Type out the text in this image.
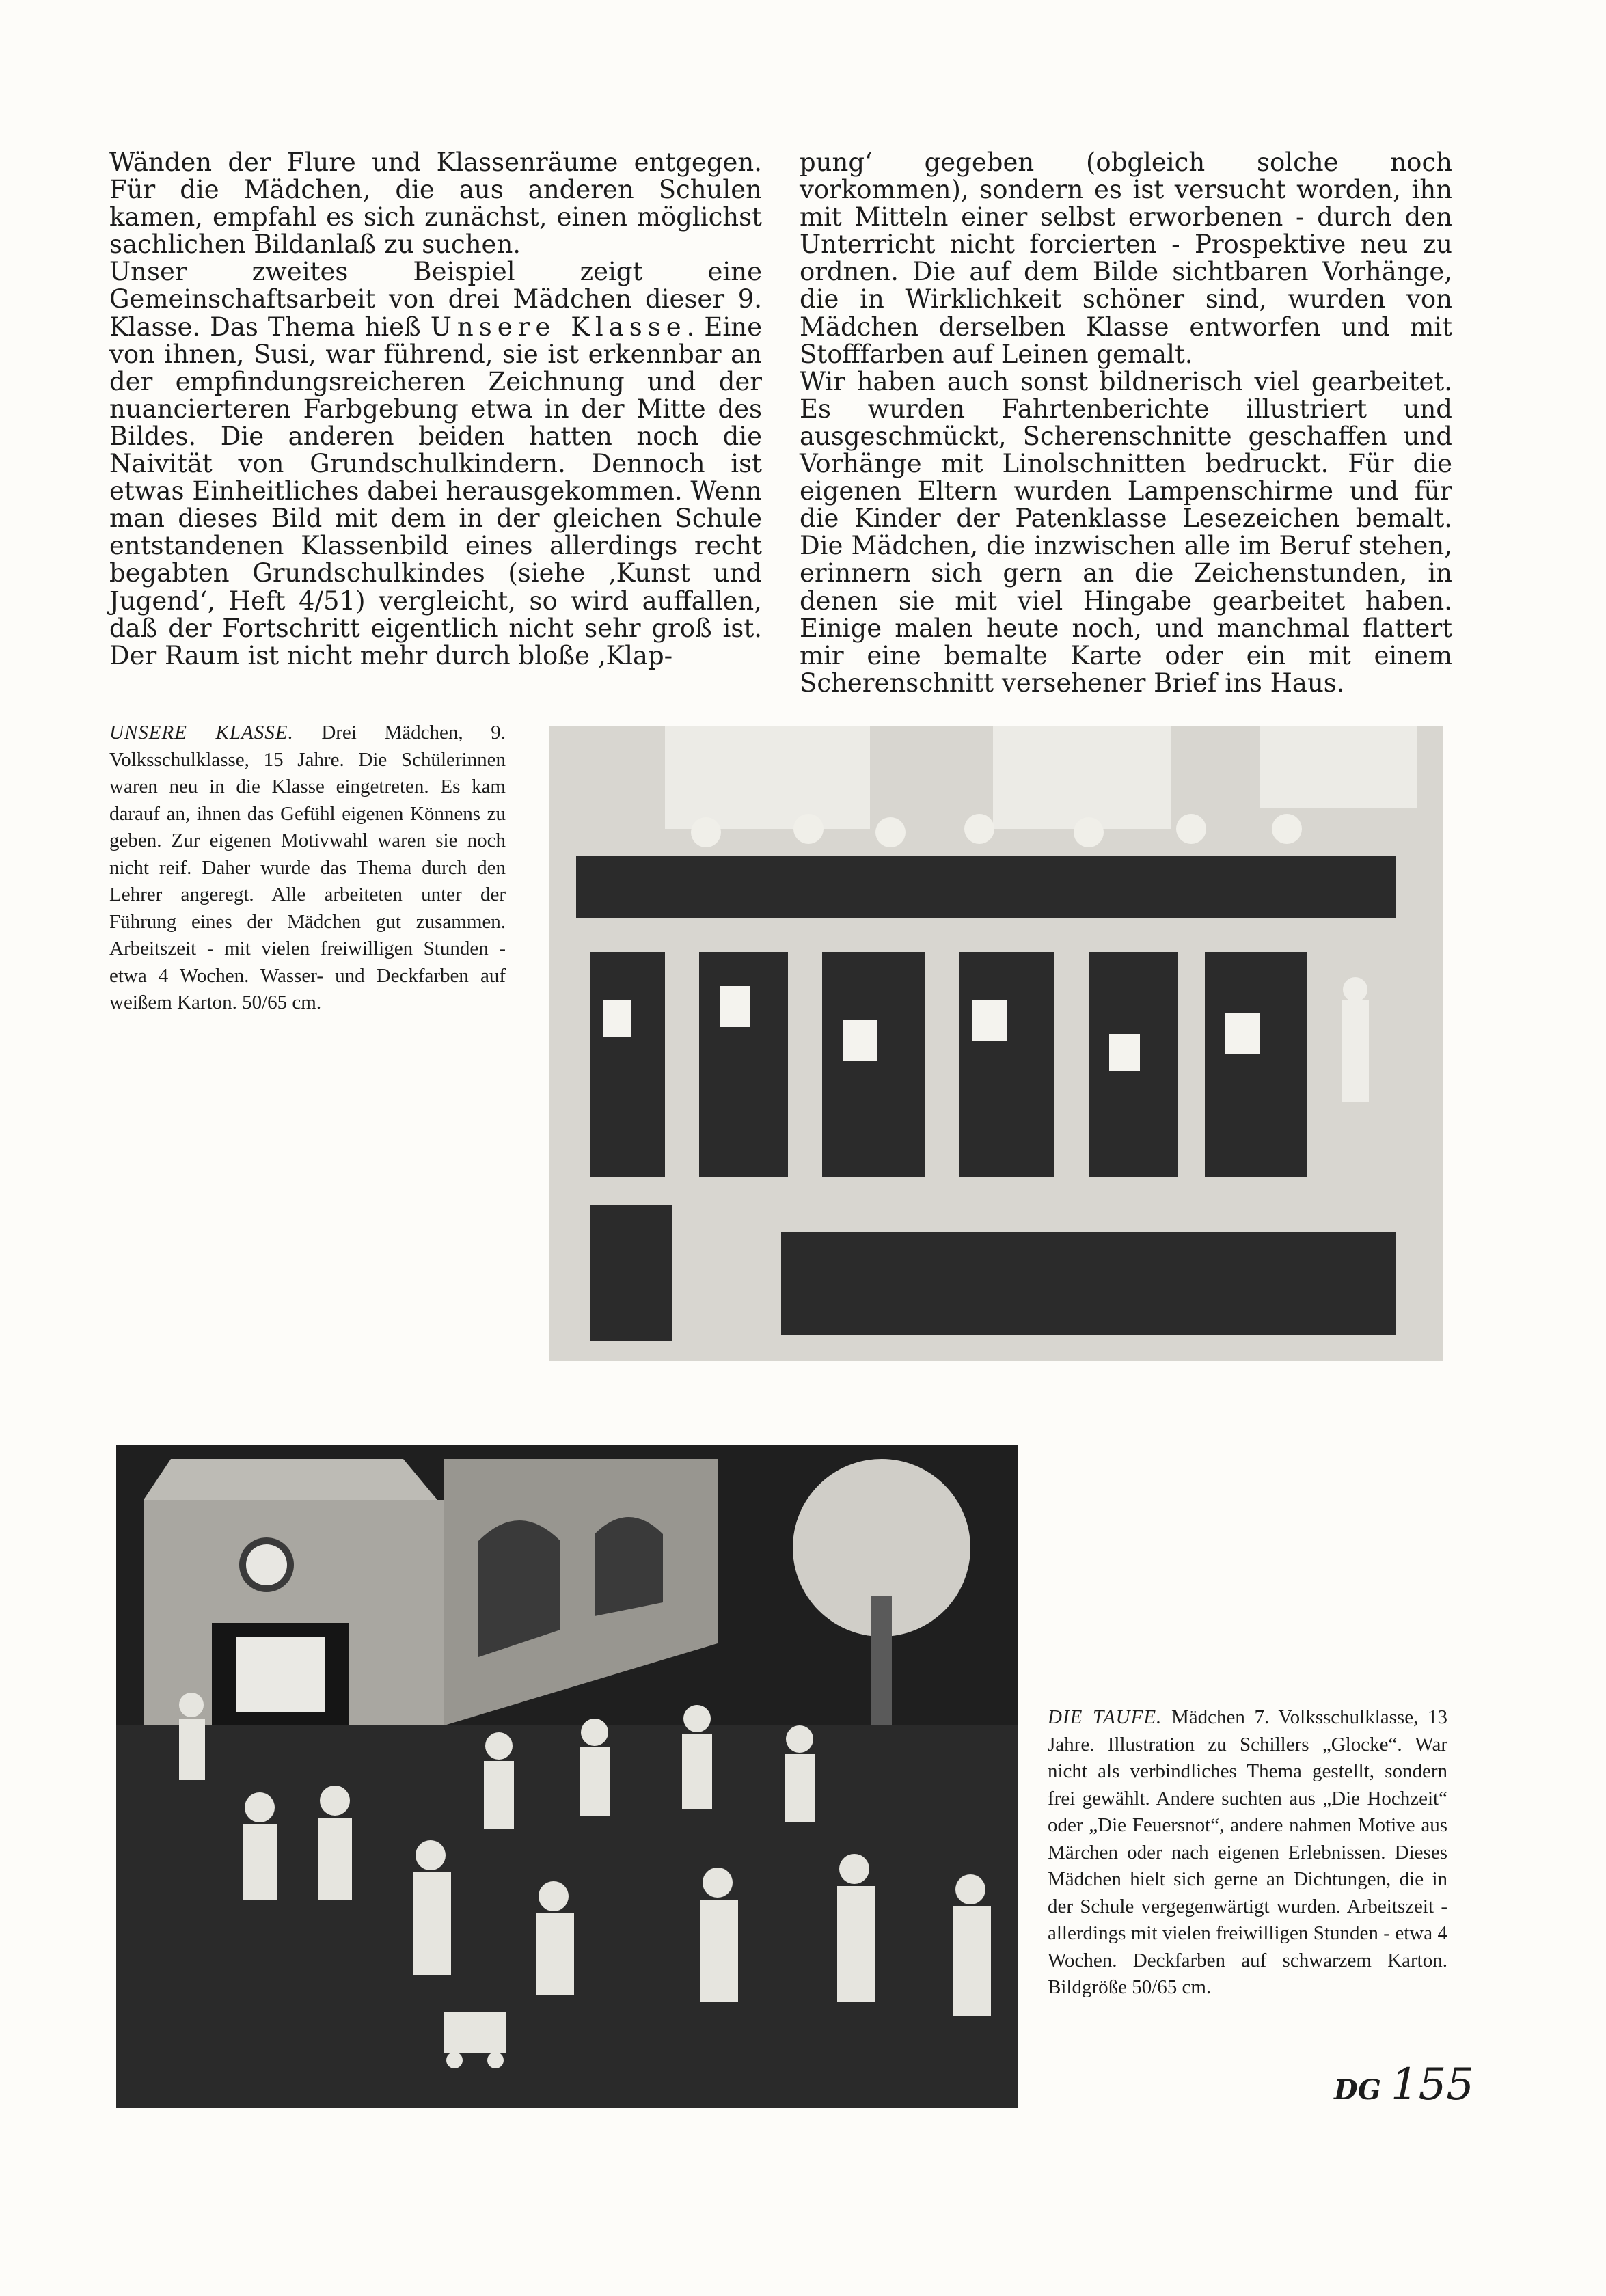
Wänden der Flure und Klassenräume entgegen. Für die Mädchen, die aus anderen Schulen kamen, empfahl es sich zunächst, einen möglichst sachlichen Bildanlaß zu suchen.

Unser zweites Beispiel zeigt eine Gemeinschaftsarbeit von drei Mädchen dieser 9. Klasse. Das Thema hieß Unsere Klasse. Eine von ihnen, Susi, war führend, sie ist erkennbar an der empfindungsreicheren Zeichnung und der nuancierteren Farbgebung etwa in der Mitte des Bildes. Die anderen beiden hatten noch die Naivität von Grundschulkindern. Dennoch ist etwas Einheitliches dabei herausgekommen. Wenn man dieses Bild mit dem in der gleichen Schule entstandenen Klassenbild eines allerdings recht begabten Grundschulkindes (siehe ‚Kunst und Jugend‘, Heft 4/51) vergleicht, so wird auffallen, daß der Fortschritt eigentlich nicht sehr groß ist. Der Raum ist nicht mehr durch bloße ‚Klap-

pung‘ gegeben (obgleich solche noch vorkommen), sondern es ist versucht worden, ihn mit Mitteln einer selbst erworbenen - durch den Unterricht nicht forcierten - Prospektive neu zu ordnen. Die auf dem Bilde sichtbaren Vorhänge, die in Wirklichkeit schöner sind, wurden von Mädchen derselben Klasse entworfen und mit Stofffarben auf Leinen gemalt.

Wir haben auch sonst bildnerisch viel gearbeitet. Es wurden Fahrtenberichte illustriert und ausgeschmückt, Scherenschnitte geschaffen und Vorhänge mit Linolschnitten bedruckt. Für die eigenen Eltern wurden Lampenschirme und für die Kinder der Patenklasse Lesezeichen bemalt. Die Mädchen, die inzwischen alle im Beruf stehen, erinnern sich gern an die Zeichenstunden, in denen sie mit viel Hingabe gearbeitet haben. Einige malen heute noch, und manchmal flattert mir eine bemalte Karte oder ein mit einem Scherenschnitt versehener Brief ins Haus.

UNSERE KLASSE. Drei Mädchen, 9. Volksschulklasse, 15 Jahre. Die Schülerinnen waren neu in die Klasse eingetreten. Es kam darauf an, ihnen das Gefühl eigenen Könnens zu geben. Zur eigenen Motivwahl waren sie noch nicht reif. Daher wurde das Thema durch den Lehrer angeregt. Alle arbeiteten unter der Führung eines der Mädchen gut zusammen. Arbeitszeit - mit vielen freiwilligen Stunden - etwa 4 Wochen. Wasser- und Deckfarben auf weißem Karton. 50/65 cm.
DIE TAUFE. Mädchen 7. Volksschulklasse, 13 Jahre. Illustration zu Schillers „Glocke“. War nicht als verbindliches Thema gestellt, sondern frei gewählt. Andere suchten aus „Die Hochzeit“ oder „Die Feuersnot“, andere nahmen Motive aus Märchen oder nach eigenen Erlebnissen. Dieses Mädchen hielt sich gerne an Dichtungen, die in der Schule vergegenwärtigt wurden. Arbeitszeit - allerdings mit vielen freiwilligen Stunden - etwa 4 Wochen. Deckfarben auf schwarzem Karton. Bildgröße 50/65 cm.
DG 155
